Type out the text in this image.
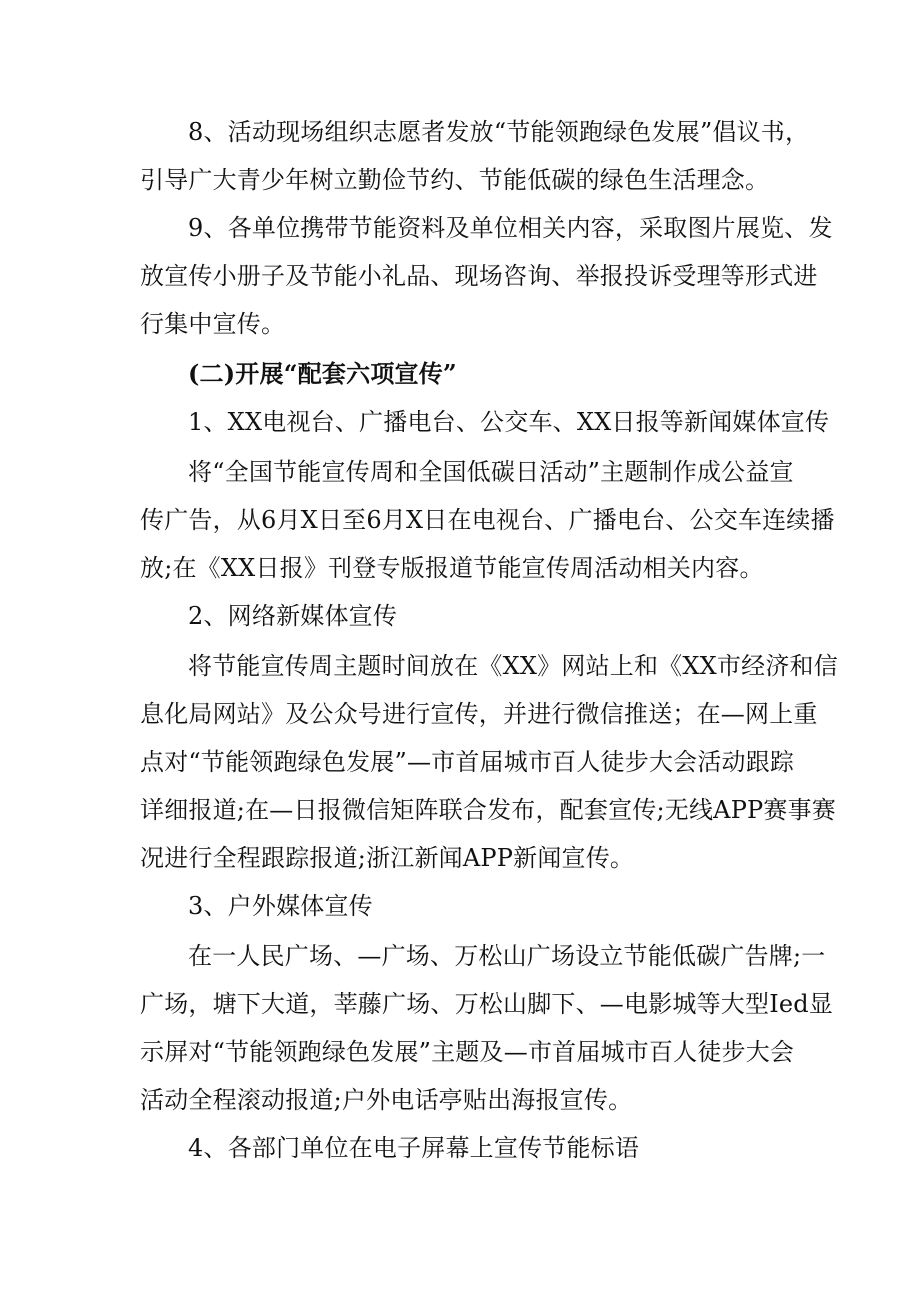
8、活动现场组织志愿者发放“节能领跑绿色发展”倡议书，
引导广大青少年树立勤俭节约、节能低碳的绿色生活理念。
9、各单位携带节能资料及单位相关内容，采取图片展览、发
放宣传小册子及节能小礼品、现场咨询、举报投诉受理等形式进
行集中宣传。
(二)开展“配套六项宣传”
1、XX电视台、广播电台、公交车、XX日报等新闻媒体宣传
将“全国节能宣传周和全国低碳日活动”主题制作成公益宣
传广告，从6月X日至6月X日在电视台、广播电台、公交车连续播
放;在《XX日报》刊登专版报道节能宣传周活动相关内容。
2、网络新媒体宣传
将节能宣传周主题时间放在《XX》网站上和《XX市经济和信
息化局网站》及公众号进行宣传，并进行微信推送；在—网上重
点对“节能领跑绿色发展”—市首届城市百人徒步大会活动跟踪
详细报道;在—日报微信矩阵联合发布，配套宣传;无线APP赛事赛
况进行全程跟踪报道;浙江新闻APP新闻宣传。
3、户外媒体宣传
在一人民广场、—广场、万松山广场设立节能低碳广告牌;一
广场，塘下大道，莘藤广场、万松山脚下、—电影城等大型Ied显
示屏对“节能领跑绿色发展”主题及—市首届城市百人徒步大会
活动全程滚动报道;户外电话亭贴出海报宣传。
4、各部门单位在电子屏幕上宣传节能标语
